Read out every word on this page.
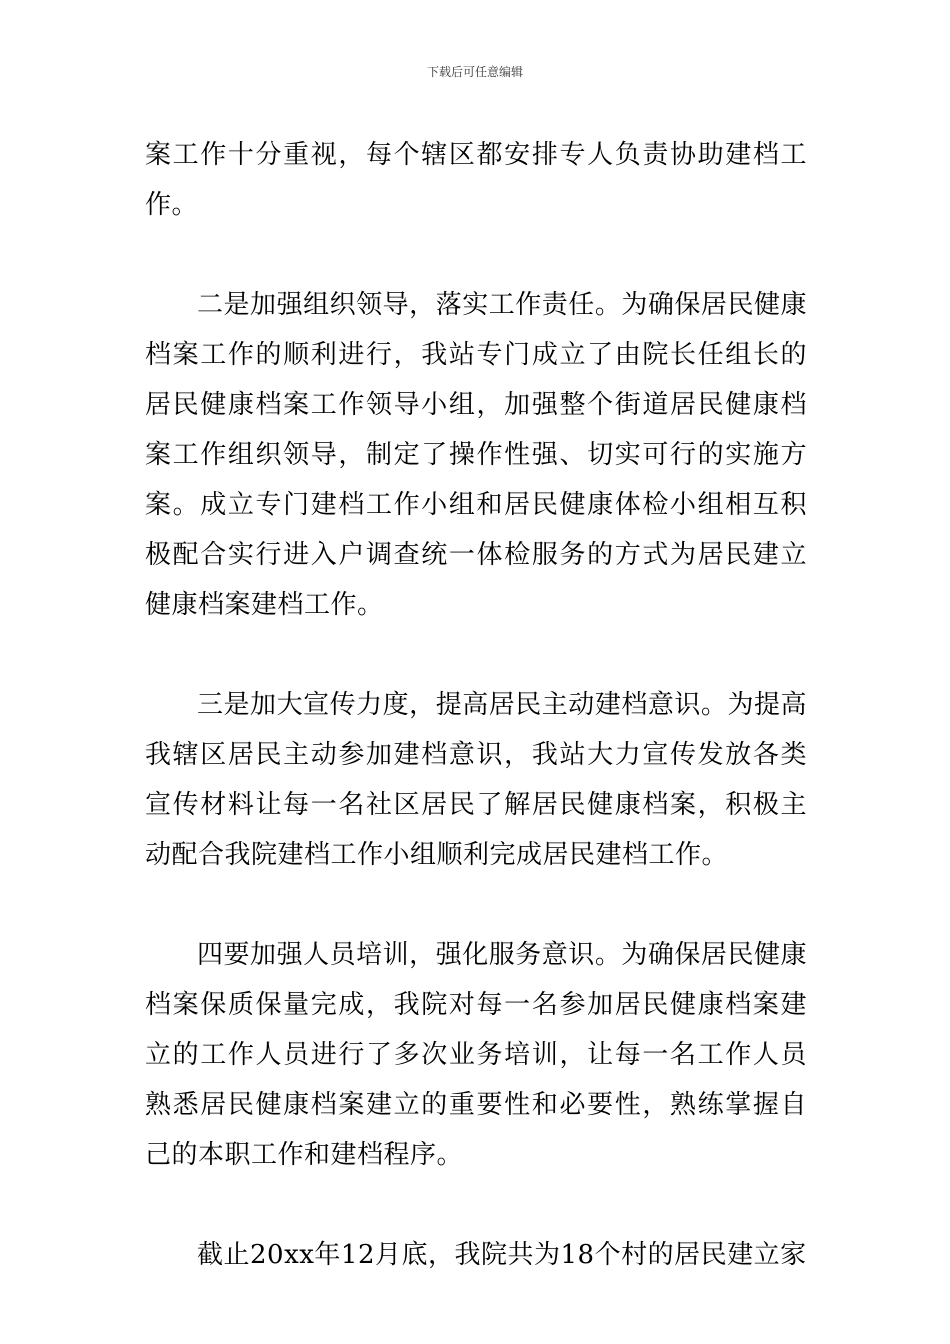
下载后可任意编辑

案工作十分重视，每个辖区都安排专人负责协助建档工作。

二是加强组织领导，落实工作责任。为确保居民健康档案工作的顺利进行，我站专门成立了由院长任组长的居民健康档案工作领导小组，加强整个街道居民健康档案工作组织领导，制定了操作性强、切实可行的实施方案。成立专门建档工作小组和居民健康体检小组相互积极配合实行进入户调查统一体检服务的方式为居民建立健康档案建档工作。

三是加大宣传力度，提高居民主动建档意识。为提高我辖区居民主动参加建档意识，我站大力宣传发放各类宣传材料让每一名社区居民了解居民健康档案，积极主动配合我院建档工作小组顺利完成居民建档工作。

四要加强人员培训，强化服务意识。为确保居民健康档案保质保量完成，我院对每一名参加居民健康档案建立的工作人员进行了多次业务培训，让每一名工作人员熟悉居民健康档案建立的重要性和必要性，熟练掌握自己的本职工作和建档程序。

截止20xx年12月底，我院共为18个村的居民建立家
